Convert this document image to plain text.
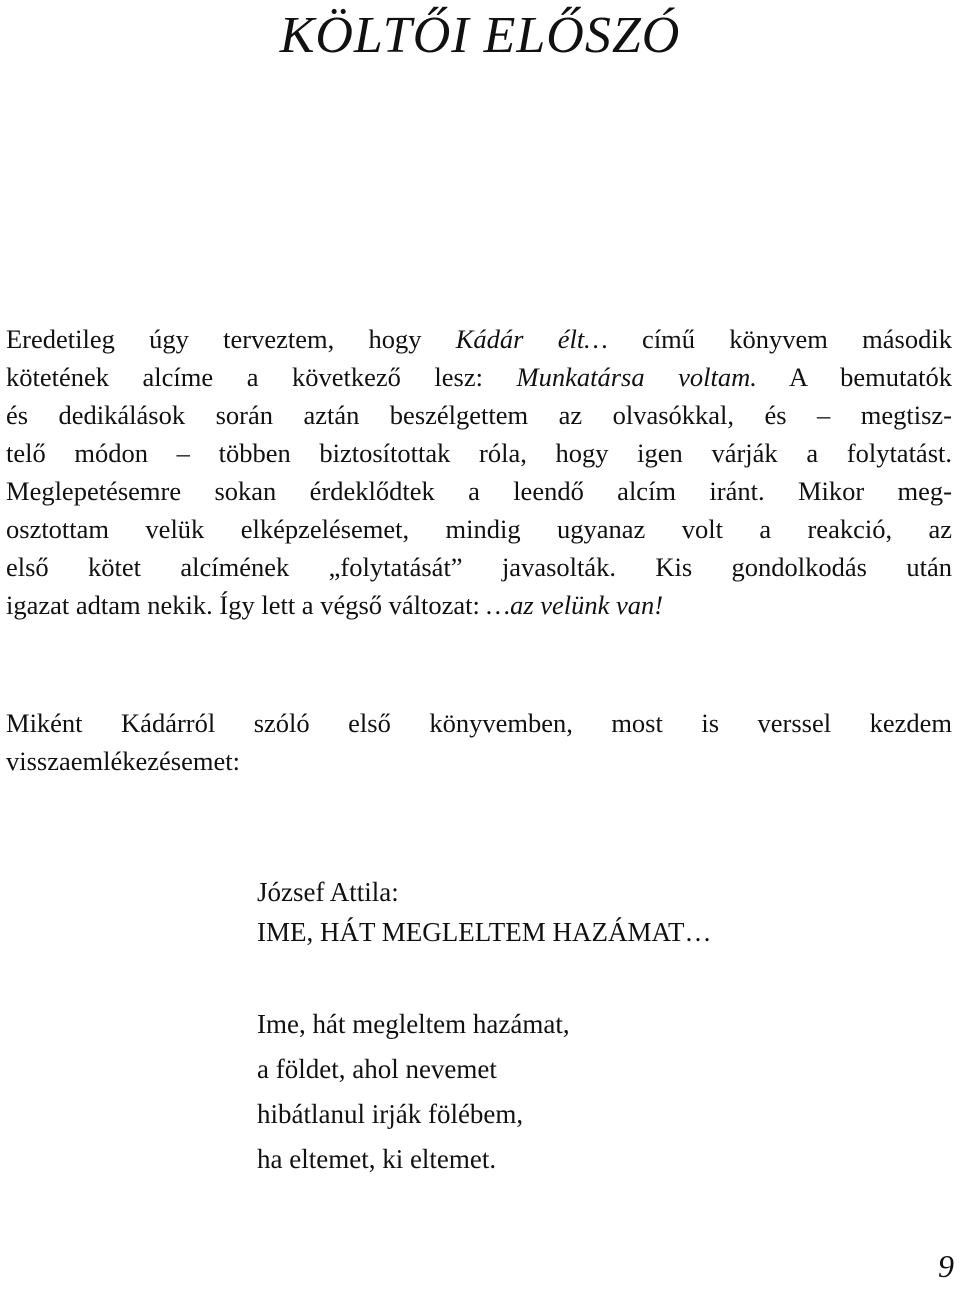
KÖLTŐI ELŐSZÓ
Eredetileg úgy terveztem, hogy Kádár élt… című könyvem második
kötetének alcíme a következő lesz: Munkatársa voltam. A bemutatók
és dedikálások során aztán beszélgettem az olvasókkal, és – megtisz-
telő módon – többen biztosítottak róla, hogy igen várják a folytatást.
Meglepetésemre sokan érdeklődtek a leendő alcím iránt. Mikor meg-
osztottam velük elképzelésemet, mindig ugyanaz volt a reakció, az
első kötet alcímének „folytatását” javasolták. Kis gondolkodás után
igazat adtam nekik. Így lett a végső változat: …az velünk van!
Miként Kádárról szóló első könyvemben, most is verssel kezdem
visszaemlékezésemet:
József Attila:
IME, HÁT MEGLELTEM HAZÁMAT…
Ime, hát megleltem hazámat,
a földet, ahol nevemet
hibátlanul irják fölébem,
ha eltemet, ki eltemet.
9
